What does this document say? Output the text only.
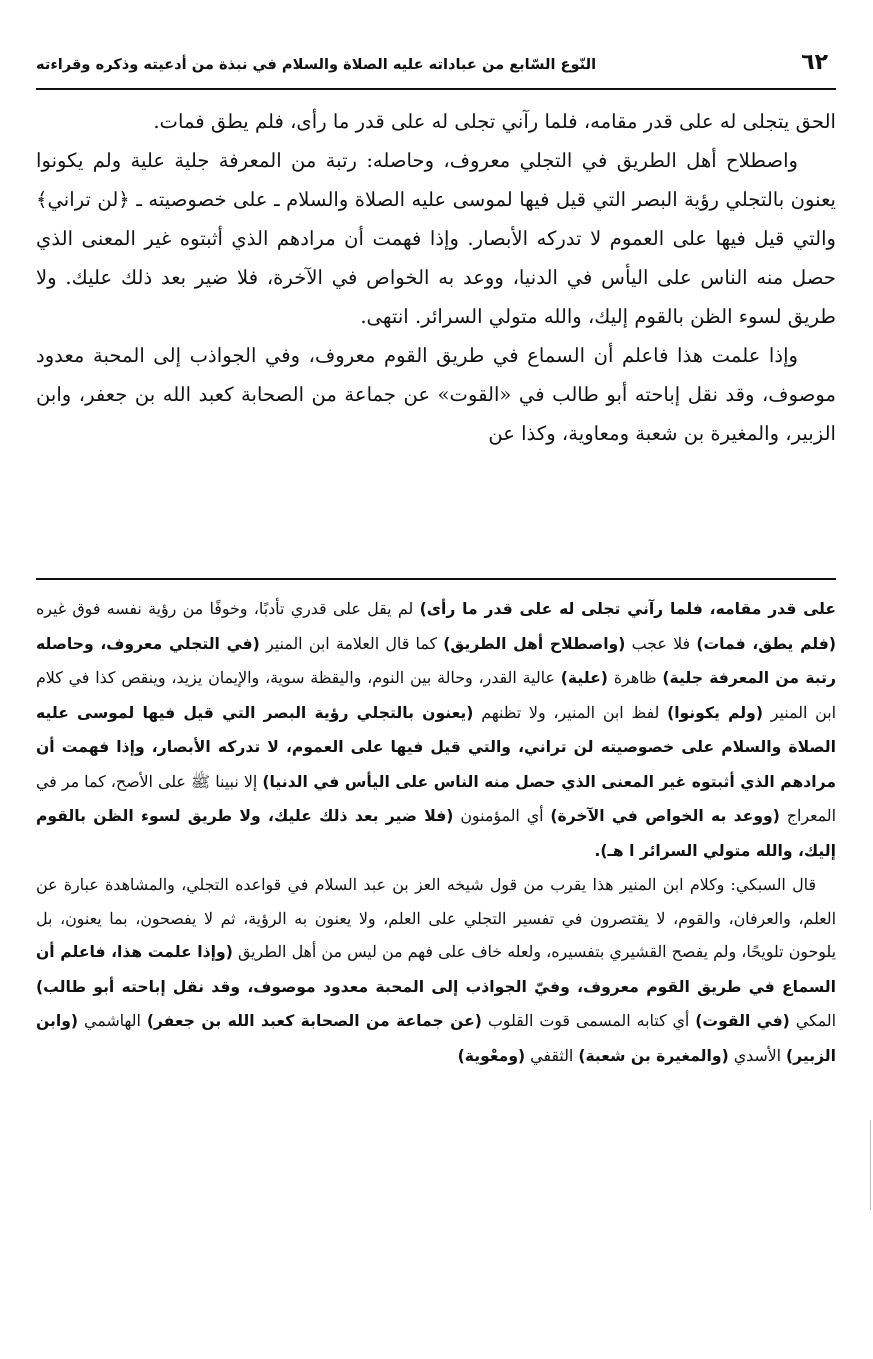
٦٢
النّوع السّابع من عباداته عليه الصلاة والسلام في نبذة من أدعيته وذكره وقراءته

الحق يتجلى له على قدر مقامه، فلما رآني تجلى له على قدر ما رأى، فلم يطق فمات.

واصطلاح أهل الطريق في التجلي معروف، وحاصله: رتبة من المعرفة جلية علية ولم يكونوا يعنون بالتجلي رؤية البصر التي قيل فيها لموسى عليه الصلاة والسلام ـ على خصوصيته ـ ﴿لن تراني﴾ والتي قيل فيها على العموم لا تدركه الأبصار. وإذا فهمت أن مرادهم الذي أثبتوه غير المعنى الذي حصل منه الناس على اليأس في الدنيا، ووعد به الخواص في الآخرة، فلا ضير بعد ذلك عليك. ولا طريق لسوء الظن بالقوم إليك، والله متولي السرائر. انتهى.

وإذا علمت هذا فاعلم أن السماع في طريق القوم معروف، وفي الجواذب إلى المحبة معدود موصوف، وقد نقل إباحته أبو طالب في «القوت» عن جماعة من الصحابة كعبد الله بن جعفر، وابن الزبير، والمغيرة بن شعبة ومعاوية، وكذا عن

على قدر مقامه، فلما رآني تجلى له على قدر ما رأى) لم يقل على قدري تأدبًا، وخوفًا من رؤية نفسه فوق غيره (فلم يطق، فمات) فلا عجب (واصطلاح أهل الطريق) كما قال العلامة ابن المنير (في التجلي معروف، وحاصله رتبة من المعرفة جلية) ظاهرة (علية) عالية القدر، وحالة بين النوم، واليقظة سوية، والإيمان يزيد، وينقص كذا في كلام ابن المنير (ولم يكونوا) لفظ ابن المنير، ولا تظنهم (يعنون بالتجلي رؤية البصر التي قيل فيها لموسى عليه الصلاة والسلام على خصوصيته لن تراني، والتي قيل فيها على العموم، لا تدركه الأبصار، وإذا فهمت أن مرادهم الذي أثبتوه غير المعنى الذي حصل منه الناس على اليأس في الدنيا) إلا نبينا ﷺ على الأصح، كما مر في المعراج (ووعد به الخواص في الآخرة) أي المؤمنون (فلا ضير بعد ذلك عليك، ولا طريق لسوء الظن بالقوم إليك، والله متولي السرائر ا هـ).

قال السبكي: وكلام ابن المنير هذا يقرب من قول شيخه العز بن عبد السلام في قواعده التجلي، والمشاهدة عبارة عن العلم، والعرفان، والقوم، لا يقتصرون في تفسير التجلي على العلم، ولا يعنون به الرؤية، ثم لا يفصحون، بما يعنون، بل يلوحون تلويحًا، ولم يفصح القشيري بتفسيره، ولعله خاف على فهم من ليس من أهل الطريق (وإذا علمت هذا، فاعلم أن السماع في طريق القوم معروف، وفيّ الجواذب إلى المحبة معدود موصوف، وقد نقل إباحته أبو طالب) المكي (في القوت) أي كتابه المسمى قوت القلوب (عن جماعة من الصحابة كعبد الله بن جعفر) الهاشمي (وابن الزبير) الأسدي (والمغيرة بن شعبة) الثقفي (ومعْوية)
